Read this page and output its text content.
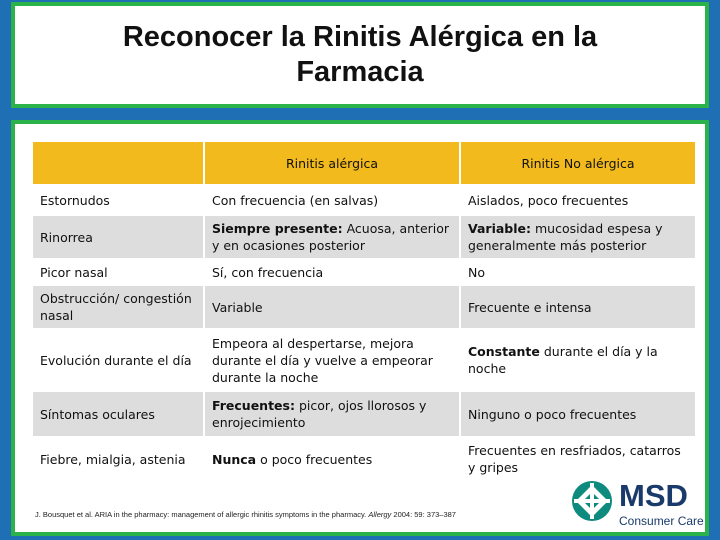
Reconocer la Rinitis Alérgica en la
Farmacia
	Rinitis alérgica	Rinitis No alérgica
Estornudos	Con frecuencia (en salvas)	Aislados, poco frecuentes
Rinorrea	Siempre presente: Acuosa, anterior y en ocasiones posterior	Variable: mucosidad espesa y generalmente más posterior
Picor nasal	Sí, con frecuencia	No
Obstrucción/ congestión nasal	Variable	Frecuente e intensa
Evolución durante el día	Empeora al despertarse, mejora durante el día y vuelve a empeorar durante la noche	Constante durante el día y la noche
Síntomas oculares	Frecuentes: picor, ojos llorosos y enrojecimiento	Ninguno o poco frecuentes
Fiebre, mialgia, astenia	Nunca o poco frecuentes	Frecuentes en resfriados, catarros y gripes
J. Bousquet et al. ARIA in the pharmacy: management of allergic rhinitis symptoms in the pharmacy. Allergy 2004: 59: 373–387
MSD
Consumer Care
